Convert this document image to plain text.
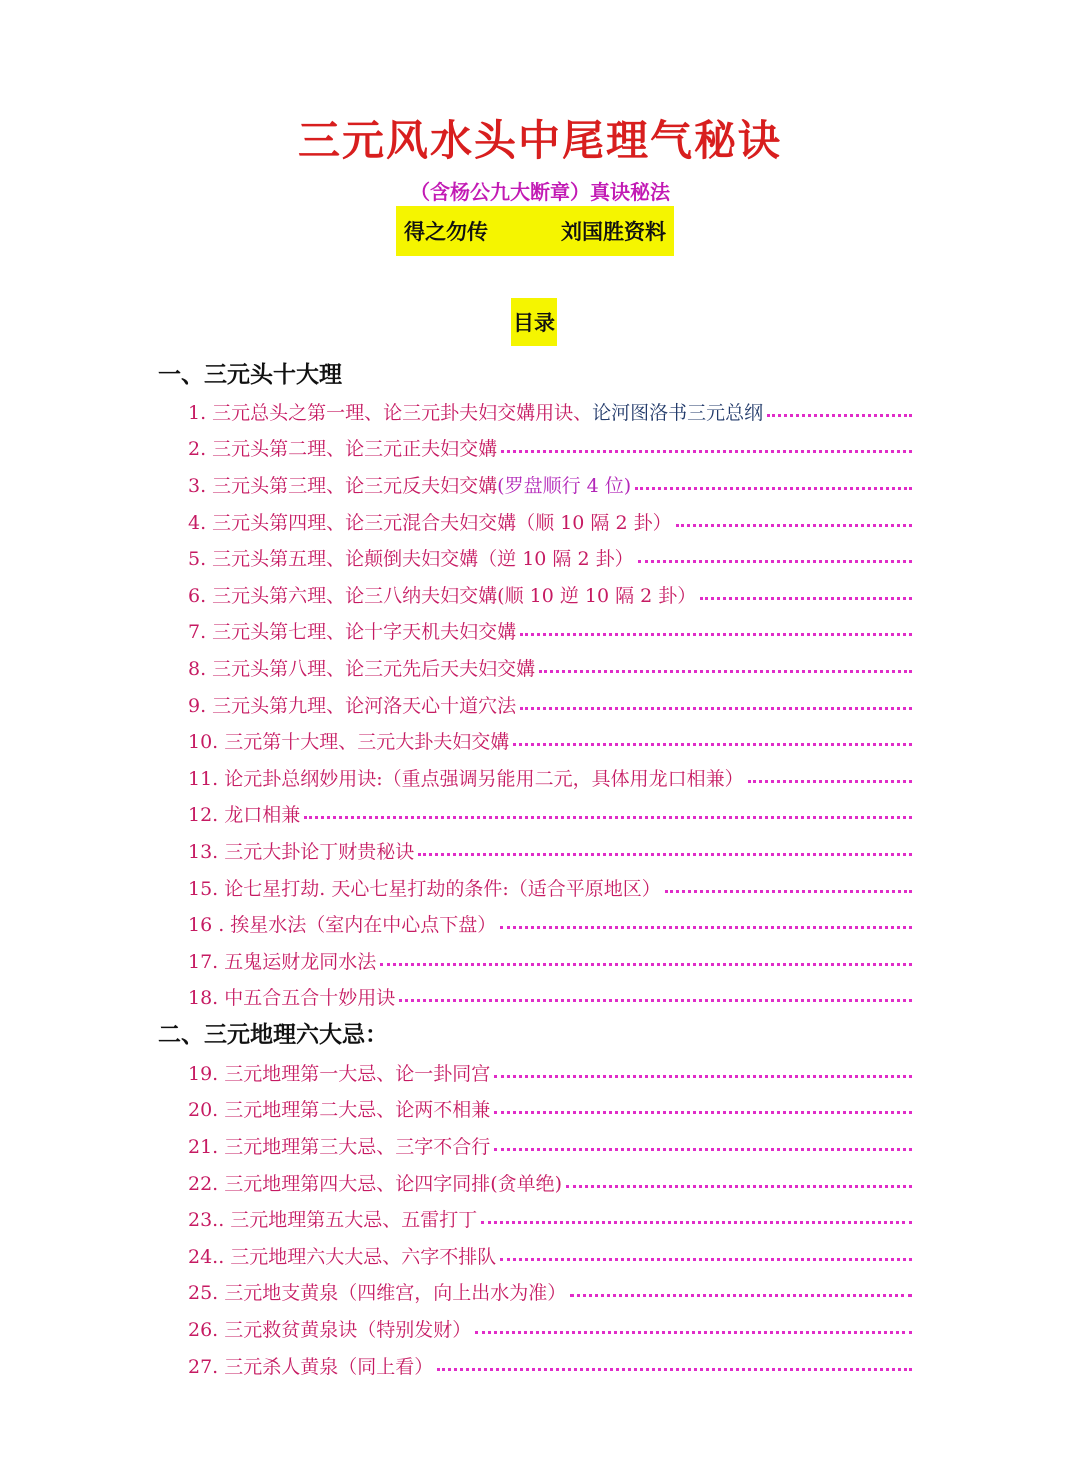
三元风水头中尾理气秘诀
（含杨公九大断章）真诀秘法
得之勿传	刘国胜资料
目录
一、三元头十大理
1. 三元总头之第一理、论三元卦夫妇交媾用诀、论河图洛书三元总纲
2. 三元头第二理、论三元正夫妇交媾
3. 三元头第三理、论三元反夫妇交媾(罗盘顺行 4 位)
4. 三元头第四理、论三元混合夫妇交媾（顺 10 隔 2 卦）
5. 三元头第五理、论颠倒夫妇交媾（逆 10 隔 2 卦）
6. 三元头第六理、论三八纳夫妇交媾(顺 10 逆 10 隔 2 卦）
7. 三元头第七理、论十字天机夫妇交媾
8. 三元头第八理、论三元先后天夫妇交媾
9. 三元头第九理、论河洛天心十道穴法
10. 三元第十大理、三元大卦夫妇交媾
11. 论元卦总纲妙用诀:（重点强调另能用二元，具体用龙口相兼）
12. 龙口相兼
13. 三元大卦论丁财贵秘诀
15. 论七星打劫. 天心七星打劫的条件:（适合平原地区）
16 . 挨星水法（室内在中心点下盘）
17. 五鬼运财龙同水法
18. 中五合五合十妙用诀
二、三元地理六大忌：
19. 三元地理第一大忌、论一卦同宫
20. 三元地理第二大忌、论两不相兼
21. 三元地理第三大忌、三字不合行
22. 三元地理第四大忌、论四字同排(贪单绝)
23.. 三元地理第五大忌、五雷打丁
24.. 三元地理六大大忌、六字不排队
25. 三元地支黄泉（四维宫，向上出水为准）
26. 三元救贫黄泉诀（特别发财）
27. 三元杀人黄泉（同上看）
